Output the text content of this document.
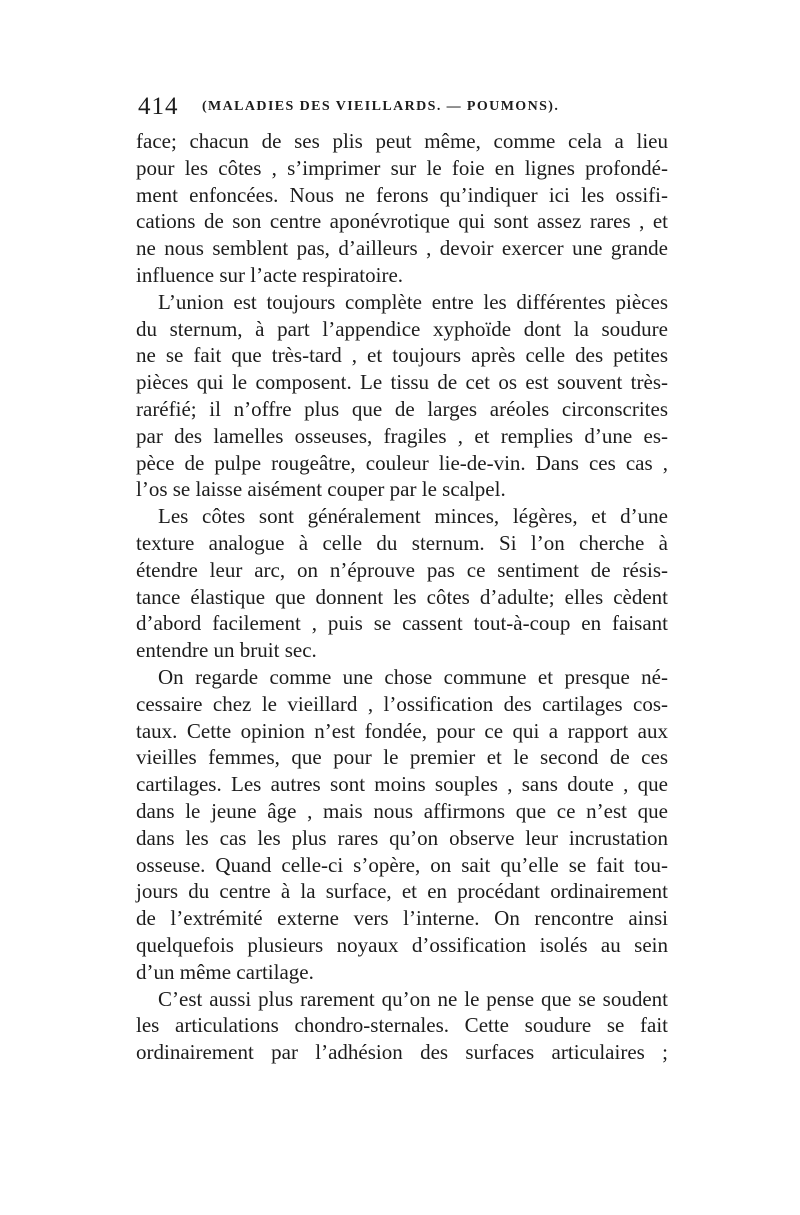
414 (MALADIES DES VIEILLARDS. — POUMONS).
face; chacun de ses plis peut même, comme cela a lieu
pour les côtes , s’imprimer sur le foie en lignes profondé-
ment enfoncées. Nous ne ferons qu’indiquer ici les ossifi-
cations de son centre aponévrotique qui sont assez rares , et
ne nous semblent pas, d’ailleurs , devoir exercer une grande
influence sur l’acte respiratoire.
L’union est toujours complète entre les différentes pièces
du sternum, à part l’appendice xyphoïde dont la soudure
ne se fait que très-tard , et toujours après celle des petites
pièces qui le composent. Le tissu de cet os est souvent très-
raréfié; il n’offre plus que de larges aréoles circonscrites
par des lamelles osseuses, fragiles , et remplies d’une es-
pèce de pulpe rougeâtre, couleur lie-de-vin. Dans ces cas ,
l’os se laisse aisément couper par le scalpel.
Les côtes sont généralement minces, légères, et d’une
texture analogue à celle du sternum. Si l’on cherche à
étendre leur arc, on n’éprouve pas ce sentiment de résis-
tance élastique que donnent les côtes d’adulte; elles cèdent
d’abord facilement , puis se cassent tout-à-coup en faisant
entendre un bruit sec.
On regarde comme une chose commune et presque né-
cessaire chez le vieillard , l’ossification des cartilages cos-
taux. Cette opinion n’est fondée, pour ce qui a rapport aux
vieilles femmes, que pour le premier et le second de ces
cartilages. Les autres sont moins souples , sans doute , que
dans le jeune âge , mais nous affirmons que ce n’est que
dans les cas les plus rares qu’on observe leur incrustation
osseuse. Quand celle-ci s’opère, on sait qu’elle se fait tou-
jours du centre à la surface, et en procédant ordinairement
de l’extrémité externe vers l’interne. On rencontre ainsi
quelquefois plusieurs noyaux d’ossification isolés au sein
d’un même cartilage.
C’est aussi plus rarement qu’on ne le pense que se soudent
les articulations chondro-sternales. Cette soudure se fait
ordinairement par l’adhésion des surfaces articulaires ;
